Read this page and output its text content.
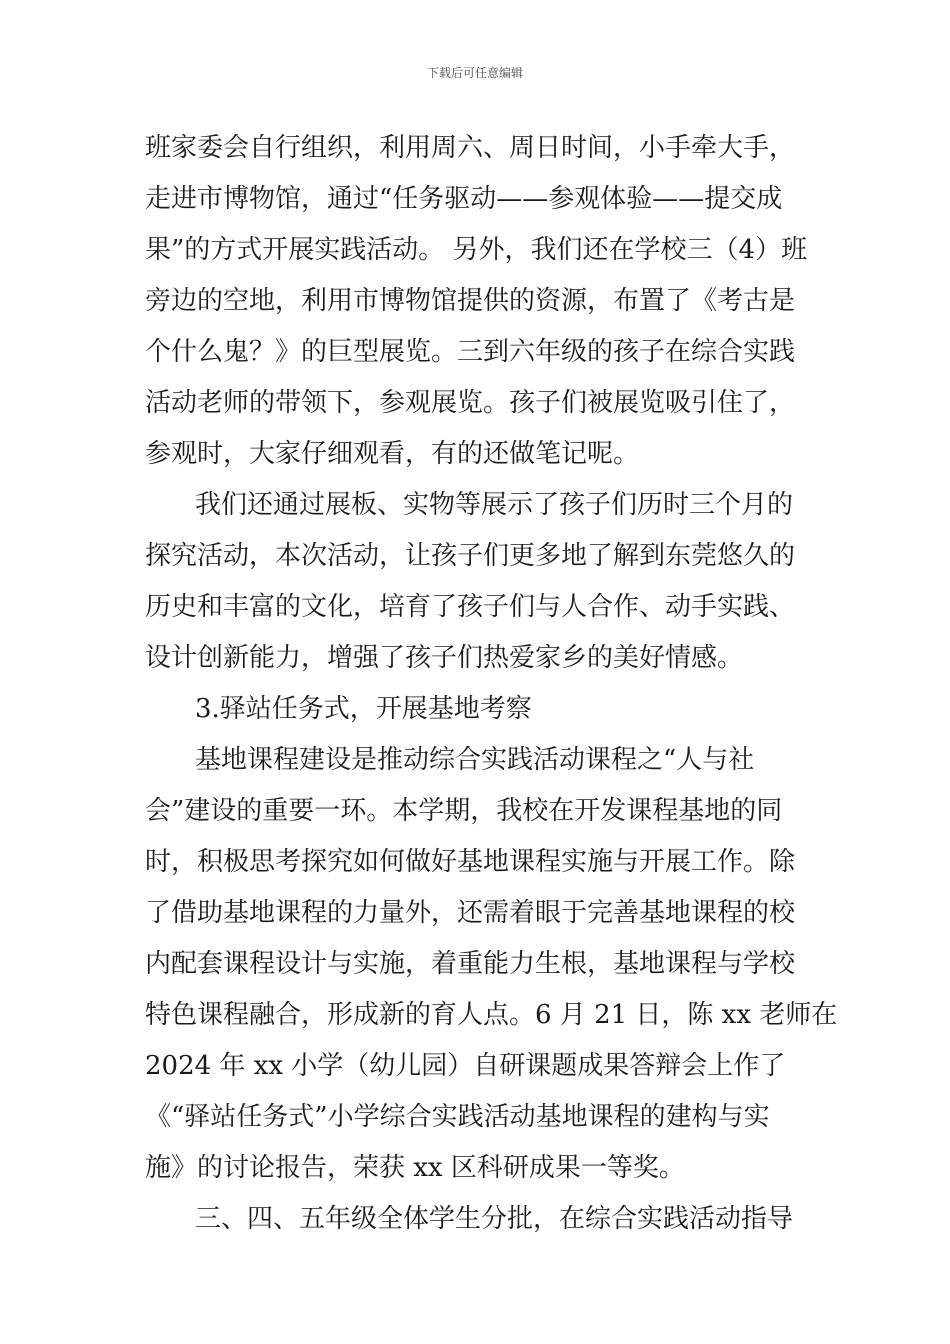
下载后可任意编辑
班家委会自行组织，利用周六、周日时间，小手牵大手，
走进市博物馆，通过“任务驱动——参观体验——提交成
果”的方式开展实践活动。 另外，我们还在学校三（4）班
旁边的空地，利用市博物馆提供的资源，布置了《考古是
个什么鬼？》的巨型展览。三到六年级的孩子在综合实践
活动老师的带领下，参观展览。孩子们被展览吸引住了，
参观时，大家仔细观看，有的还做笔记呢。
我们还通过展板、实物等展示了孩子们历时三个月的
探究活动，本次活动，让孩子们更多地了解到东莞悠久的
历史和丰富的文化，培育了孩子们与人合作、动手实践、
设计创新能力，增强了孩子们热爱家乡的美好情感。
3.驿站任务式，开展基地考察
基地课程建设是推动综合实践活动课程之“人与社
会”建设的重要一环。本学期，我校在开发课程基地的同
时，积极思考探究如何做好基地课程实施与开展工作。除
了借助基地课程的力量外，还需着眼于完善基地课程的校
内配套课程设计与实施，着重能力生根，基地课程与学校
特色课程融合，形成新的育人点。6 月 21 日，陈 xx 老师在
2024 年 xx 小学（幼儿园）自研课题成果答辩会上作了
《“驿站任务式”小学综合实践活动基地课程的建构与实
施》的讨论报告，荣获 xx 区科研成果一等奖。
三、四、五年级全体学生分批，在综合实践活动指导
